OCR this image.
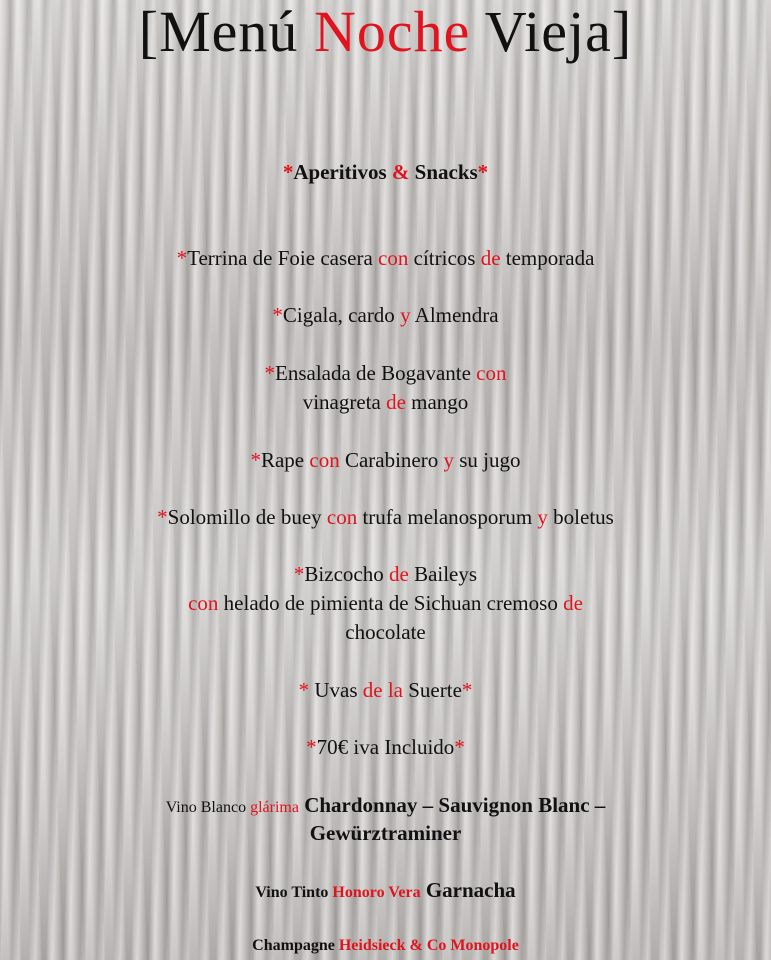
[Menú Noche Vieja]
*Aperitivos & Snacks*
*Terrina de Foie casera con cítricos de temporada
*Cigala, cardo y Almendra
*Ensalada de Bogavante con
vinagreta de mango
*Rape con Carabinero y su jugo
*Solomillo de buey con trufa melanosporum y boletus
*Bizcocho de Baileys
con helado de pimienta de Sichuan cremoso de
chocolate
* Uvas de la Suerte*
*70€ iva Incluido*
Vino Blanco glárima Chardonnay – Sauvignon Blanc –
Gewürztraminer
Vino Tinto Honoro Vera Garnacha
Champagne Heidsieck & Co Monopole
